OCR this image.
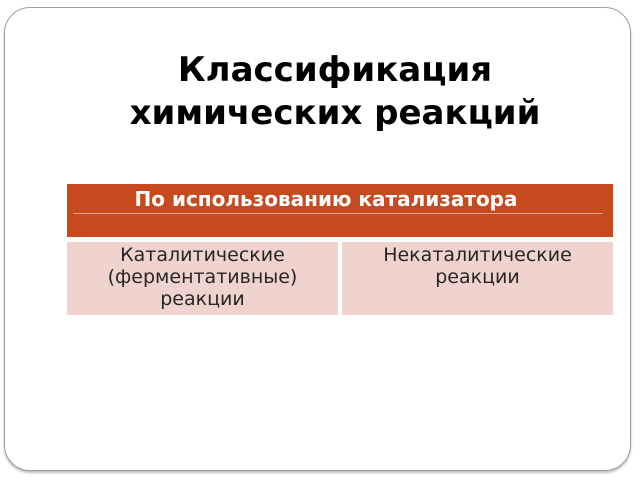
Классификация
химических реакций
По использованию катализатора
Каталитические (ферментативные) реакции
Некаталитические реакции
